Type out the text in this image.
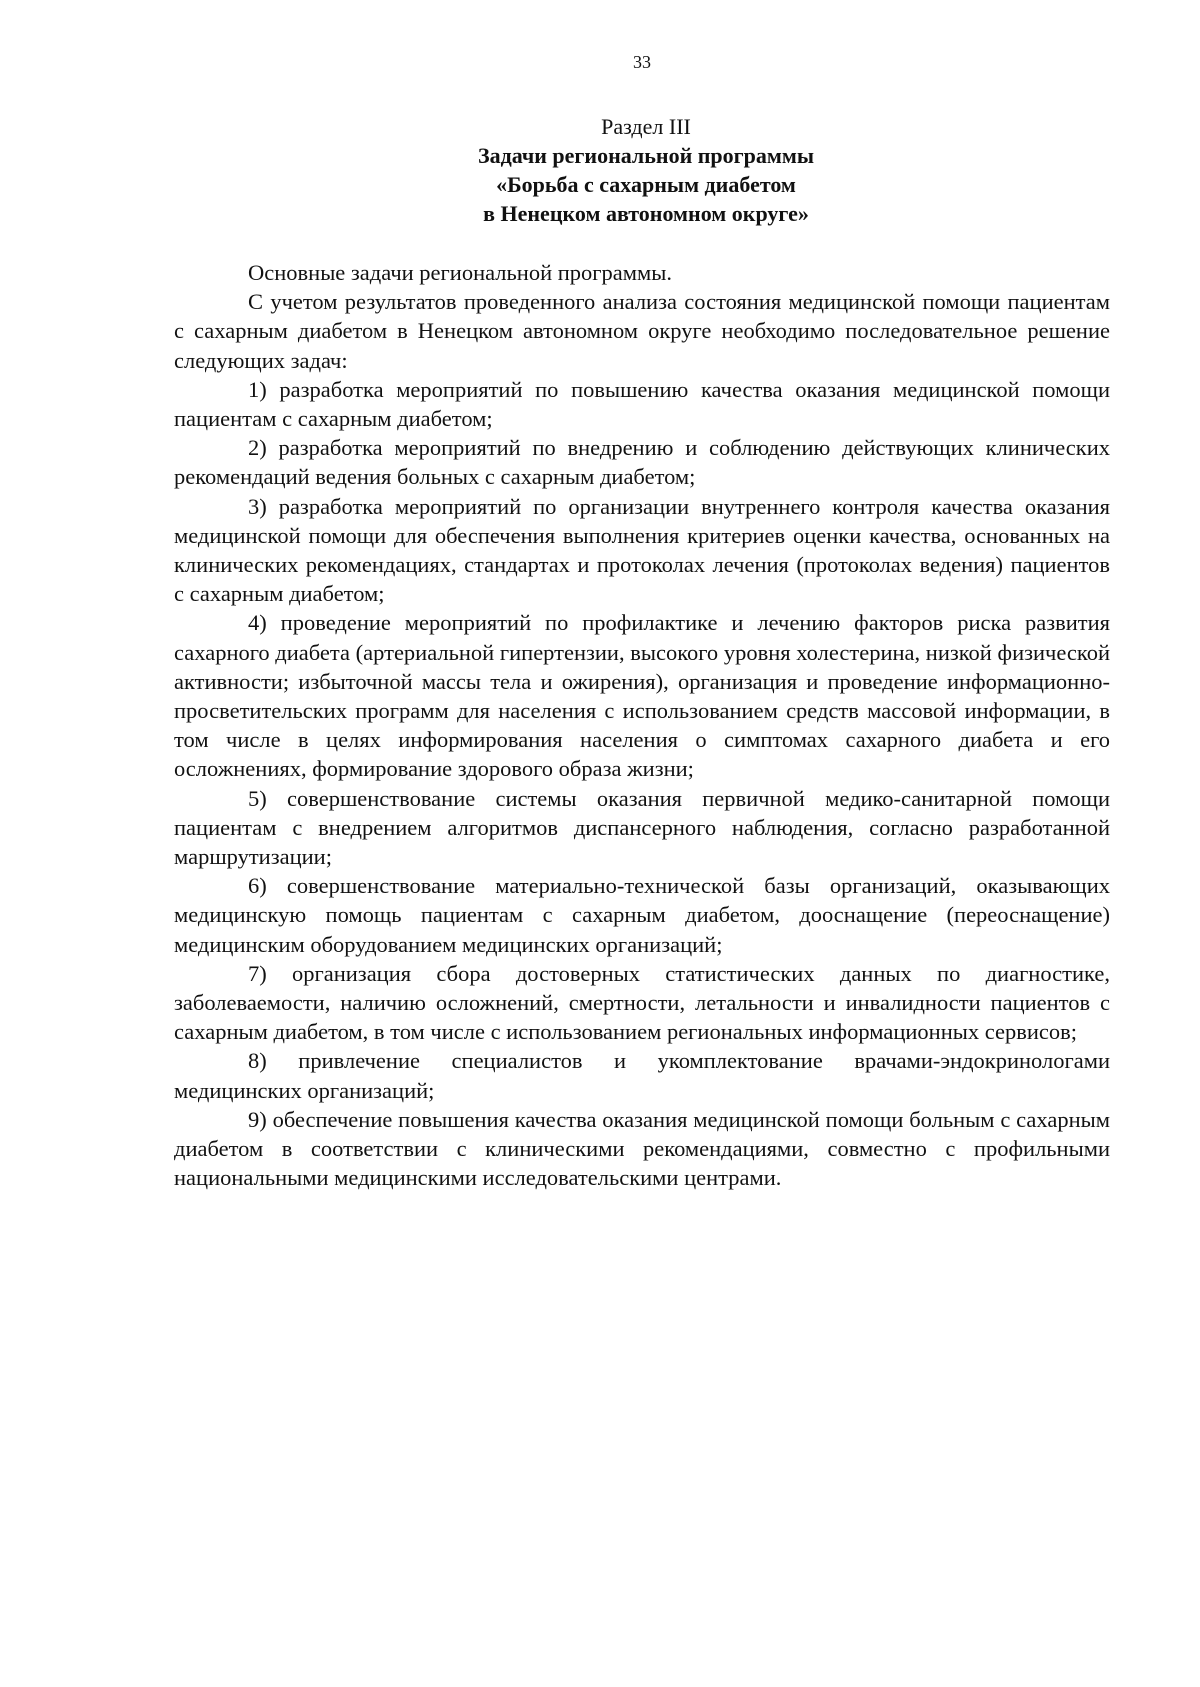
33
Раздел III
Задачи региональной программы
«Борьба с сахарным диабетом
в Ненецком автономном округе»

Основные задачи региональной программы.

С учетом результатов проведенного анализа состояния медицинской помощи пациентам с сахарным диабетом в Ненецком автономном округе необходимо последовательное решение следующих задач:

1) разработка мероприятий по повышению качества оказания медицинской помощи пациентам с сахарным диабетом;

2) разработка мероприятий по внедрению и соблюдению действующих клинических рекомендаций ведения больных с сахарным диабетом;

3) разработка мероприятий по организации внутреннего контроля качества оказания медицинской помощи для обеспечения выполнения критериев оценки качества, основанных на клинических рекомендациях, стандартах и протоколах лечения (протоколах ведения) пациентов с сахарным диабетом;

4) проведение мероприятий по профилактике и лечению факторов риска развития сахарного диабета (артериальной гипертензии, высокого уровня холестерина, низкой физической активности; избыточной массы тела и ожирения), организация и проведение информационно-просветительских программ для населения с использованием средств массовой информации, в том числе в целях информирования населения о симптомах сахарного диабета и его осложнениях, формирование здорового образа жизни;

5) совершенствование системы оказания первичной медико-санитарной помощи пациентам с внедрением алгоритмов диспансерного наблюдения, согласно разработанной маршрутизации;

6) совершенствование материально-технической базы организаций, оказывающих медицинскую помощь пациентам с сахарным диабетом, дооснащение (переоснащение) медицинским оборудованием медицинских организаций;

7) организация сбора достоверных статистических данных по диагностике, заболеваемости, наличию осложнений, смертности, летальности и инвалидности пациентов с сахарным диабетом, в том числе с использованием региональных информационных сервисов;

8) привлечение специалистов и укомплектование врачами-эндокринологами медицинских организаций;

9) обеспечение повышения качества оказания медицинской помощи больным с сахарным диабетом в соответствии с клиническими рекомендациями, совместно с профильными национальными медицинскими исследовательскими центрами.
